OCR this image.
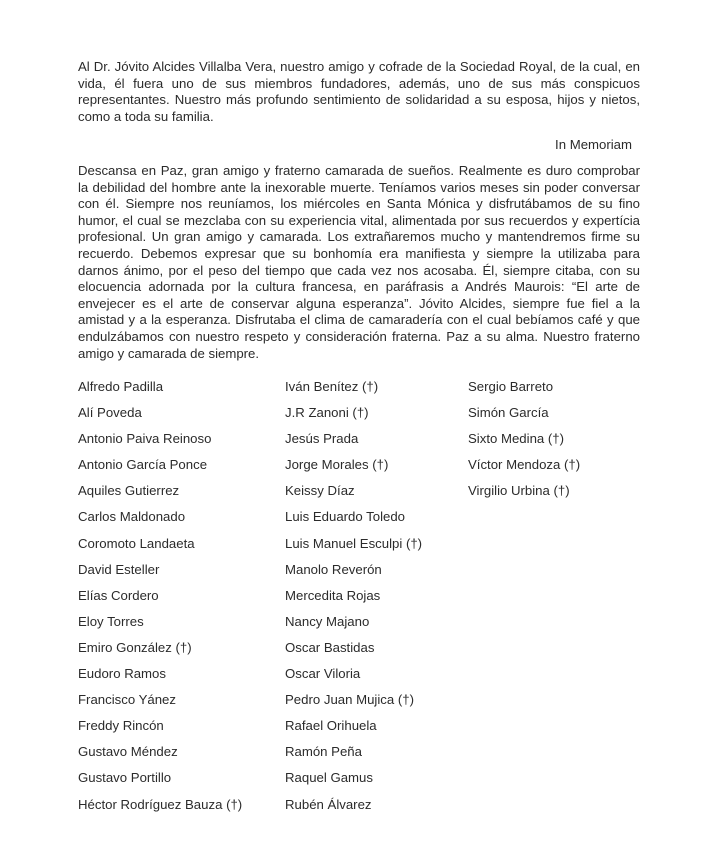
Al Dr. Jóvito Alcides Villalba Vera, nuestro amigo y cofrade de la Sociedad Royal, de la cual, en vida, él fuera uno de sus miembros fundadores, además, uno de sus más conspicuos representantes. Nuestro más profundo sentimiento de solidaridad a su esposa, hijos y nietos, como a toda su familia.

In Memoriam

Descansa en Paz, gran amigo y fraterno camarada de sueños. Realmente es duro comprobar la debilidad del hombre ante la inexorable muerte. Teníamos varios meses sin poder conversar con él. Siempre nos reuníamos, los miércoles en Santa Mónica y disfrutábamos de su fino humor, el cual se mezclaba con su experiencia vital, alimentada por sus recuerdos y expertícia profesional. Un gran amigo y camarada. Los extrañaremos mucho y mantendremos firme su recuerdo. Debemos expresar que su bonhomía era manifiesta y siempre la utilizaba para darnos ánimo, por el peso del tiempo que cada vez nos acosaba. Él, siempre citaba, con su elocuencia adornada por la cultura francesa, en paráfrasis a Andrés Maurois: “El arte de envejecer es el arte de conservar alguna esperanza”. Jóvito Alcides, siempre fue fiel a la amistad y a la esperanza. Disfrutaba el clima de camaradería con el cual bebíamos café y que endulzábamos con nuestro respeto y consideración fraterna. Paz a su alma. Nuestro fraterno amigo y camarada de siempre.

Alfredo Padilla
Alí Poveda
Antonio Paiva Reinoso
Antonio García Ponce
Aquiles Gutierrez
Carlos Maldonado
Coromoto Landaeta
David Esteller
Elías Cordero
Eloy Torres
Emiro González (†)
Eudoro Ramos
Francisco Yánez
Freddy Rincón
Gustavo Méndez
Gustavo Portillo
Héctor Rodríguez Bauza (†)
Iván Benítez (†)
J.R Zanoni (†)
Jesús Prada
Jorge Morales (†)
Keissy Díaz
Luis Eduardo Toledo
Luis Manuel Esculpi (†)
Manolo Reverón
Mercedita Rojas
Nancy Majano
Oscar Bastidas
Oscar Viloria
Pedro Juan Mujica (†)
Rafael Orihuela
Ramón Peña
Raquel Gamus
Rubén Álvarez
Sergio Barreto
Simón García
Sixto Medina (†)
Víctor Mendoza (†)
Virgilio Urbina (†)
